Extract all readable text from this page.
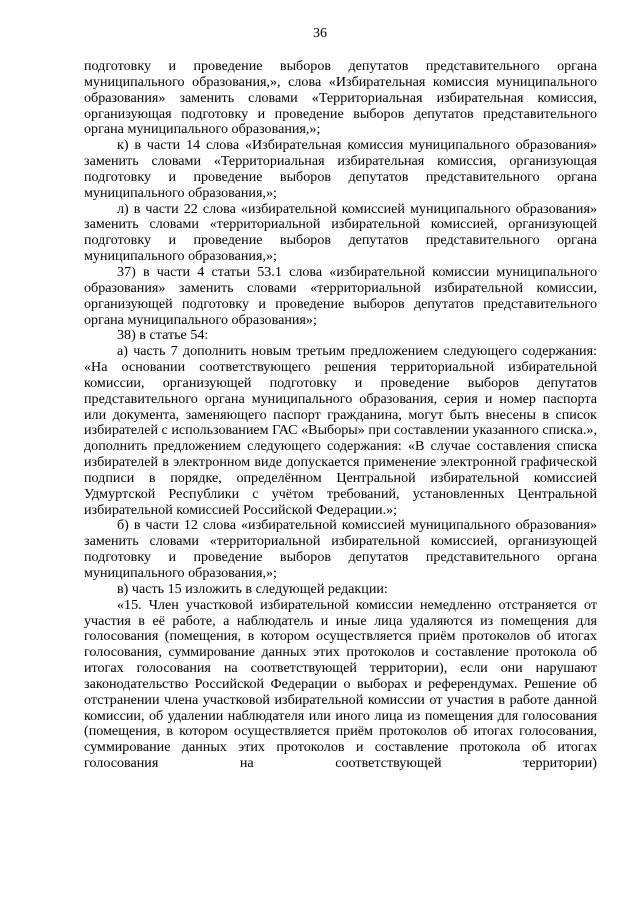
36

подготовку и проведение выборов депутатов представительного органа муниципального образования,», слова «Избирательная комиссия муниципального образования» заменить словами «Территориальная избирательная комиссия, организующая подготовку и проведение выборов депутатов представительного органа муниципального образования,»;

к) в части 14 слова «Избирательная комиссия муниципального образования» заменить словами «Территориальная избирательная комиссия, организующая подготовку и проведение выборов депутатов представительного органа муниципального образования,»;

л) в части 22 слова «избирательной комиссией муниципального образования» заменить словами «территориальной избирательной комиссией, организующей подготовку и проведение выборов депутатов представительного органа муниципального образования,»;

37) в части 4 статьи 53.1 слова «избирательной комиссии муниципального образования» заменить словами «территориальной избирательной комиссии, организующей подготовку и проведение выборов депутатов представительного органа муниципального образования»;

38) в статье 54:

а) часть 7 дополнить новым третьим предложением следующего содержания: «На основании соответствующего решения территориальной избирательной комиссии, организующей подготовку и проведение выборов депутатов представительного органа муниципального образования, серия и номер паспорта или документа, заменяющего паспорт гражданина, могут быть внесены в список избирателей с использованием ГАС «Выборы» при составлении указанного списка.», дополнить предложением следующего содержания: «В случае составления списка избирателей в электронном виде допускается применение электронной графической подписи в порядке, определённом Центральной избирательной комиссией Удмуртской Республики с учётом требований, установленных Центральной избирательной комиссией Российской Федерации.»;

б) в части 12 слова «избирательной комиссией муниципального образования» заменить словами «территориальной избирательной комиссией, организующей подготовку и проведение выборов депутатов представительного органа муниципального образования,»;

в) часть 15 изложить в следующей редакции:

«15. Член участковой избирательной комиссии немедленно отстраняется от участия в её работе, а наблюдатель и иные лица удаляются из помещения для голосования (помещения, в котором осуществляется приём протоколов об итогах голосования, суммирование данных этих протоколов и составление протокола об итогах голосования на соответствующей территории), если они нарушают законодательство Российской Федерации о выборах и референдумах. Решение об отстранении члена участковой избирательной комиссии от участия в работе данной комиссии, об удалении наблюдателя или иного лица из помещения для голосования (помещения, в котором осуществляется приём протоколов об итогах голосования, суммирование данных этих протоколов и составление протокола об итогах голосования на соответствующей территории)
